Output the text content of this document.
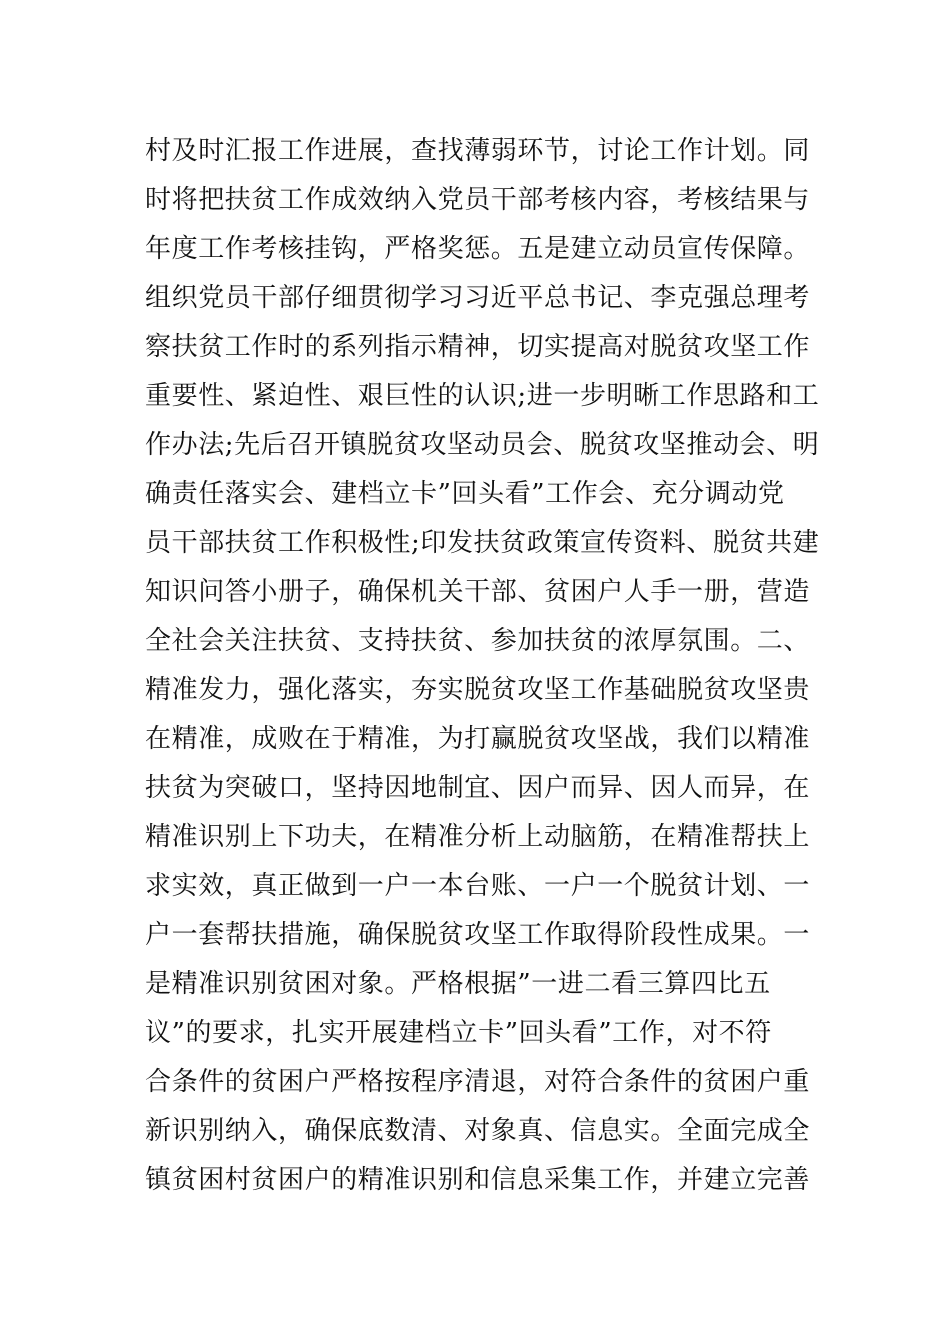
村及时汇报工作进展，查找薄弱环节，讨论工作计划。同
时将把扶贫工作成效纳入党员干部考核内容，考核结果与
年度工作考核挂钩，严格奖惩。五是建立动员宣传保障。
组织党员干部仔细贯彻学习习近平总书记、李克强总理考
察扶贫工作时的系列指示精神，切实提高对脱贫攻坚工作
重要性、紧迫性、艰巨性的认识;进一步明晰工作思路和工
作办法;先后召开镇脱贫攻坚动员会、脱贫攻坚推动会、明
确责任落实会、建档立卡”回头看”工作会、充分调动党
员干部扶贫工作积极性;印发扶贫政策宣传资料、脱贫共建
知识问答小册子，确保机关干部、贫困户人手一册，营造
全社会关注扶贫、支持扶贫、参加扶贫的浓厚氛围。二、
精准发力，强化落实，夯实脱贫攻坚工作基础脱贫攻坚贵
在精准，成败在于精准，为打赢脱贫攻坚战，我们以精准
扶贫为突破口，坚持因地制宜、因户而异、因人而异，在
精准识别上下功夫，在精准分析上动脑筋，在精准帮扶上
求实效，真正做到一户一本台账、一户一个脱贫计划、一
户一套帮扶措施，确保脱贫攻坚工作取得阶段性成果。一
是精准识别贫困对象。严格根据”一进二看三算四比五
议”的要求，扎实开展建档立卡”回头看”工作，对不符
合条件的贫困户严格按程序清退，对符合条件的贫困户重
新识别纳入，确保底数清、对象真、信息实。全面完成全
镇贫困村贫困户的精准识别和信息采集工作，并建立完善
